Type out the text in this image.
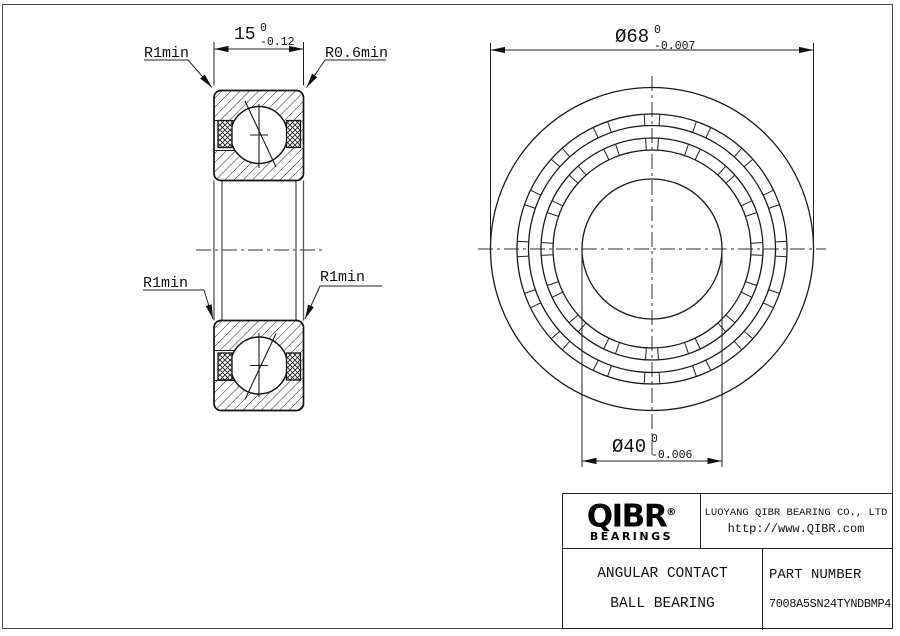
15 0
-0.12
R1min	R0.6min
R1min	R1min
Ø68 0
-0.007
Ø40 0
-0.006
QIBR®
BEARINGS
LUOYANG QIBR BEARING CO., LTD
http://www.QIBR.com
ANGULAR CONTACT
BALL BEARING
PART NUMBER
7008A5SN24TYNDBMP4
